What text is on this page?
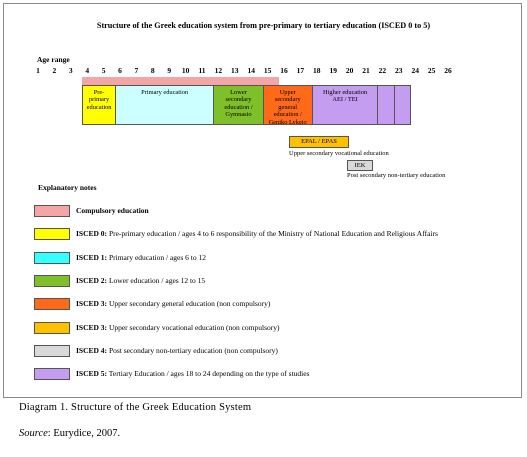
Structure of the Greek education system from pre-primary to tertiary education (ISCED 0 to 5)
Age range
1	2	3	4	5	6	7	8	9	10	11	12	13	14	15	16	17	18	19	20	21	22	23	24	25	26
Pre-
primary
education
Primary education	Lower
secondary
education /
Gymnasio
Upper
secondary
general
education /
Geniko Lykeio
Higher education
AEI / TEI
EPAL / EPAS
Upper secondary vocational education
IEK
Post secondary non-tertiary education
Explanatory notes
Compulsory education
ISCED 0: Pre-primary education / ages 4 to 6 responsibility of the Ministry of National Education and Religious Affairs
ISCED 1: Primary education / ages 6 to 12
ISCED 2: Lower education / ages 12 to 15
ISCED 3: Upper secondary general education (non compulsory)
ISCED 3: Upper secondary vocational education (non compulsory)
ISCED 4: Post secondary non-tertiary education (non compulsory)
ISCED 5: Tertiary Education / ages 18 to 24 depending on the type of studies
Diagram 1. Structure of the Greek Education System
Source: Eurydice, 2007.
